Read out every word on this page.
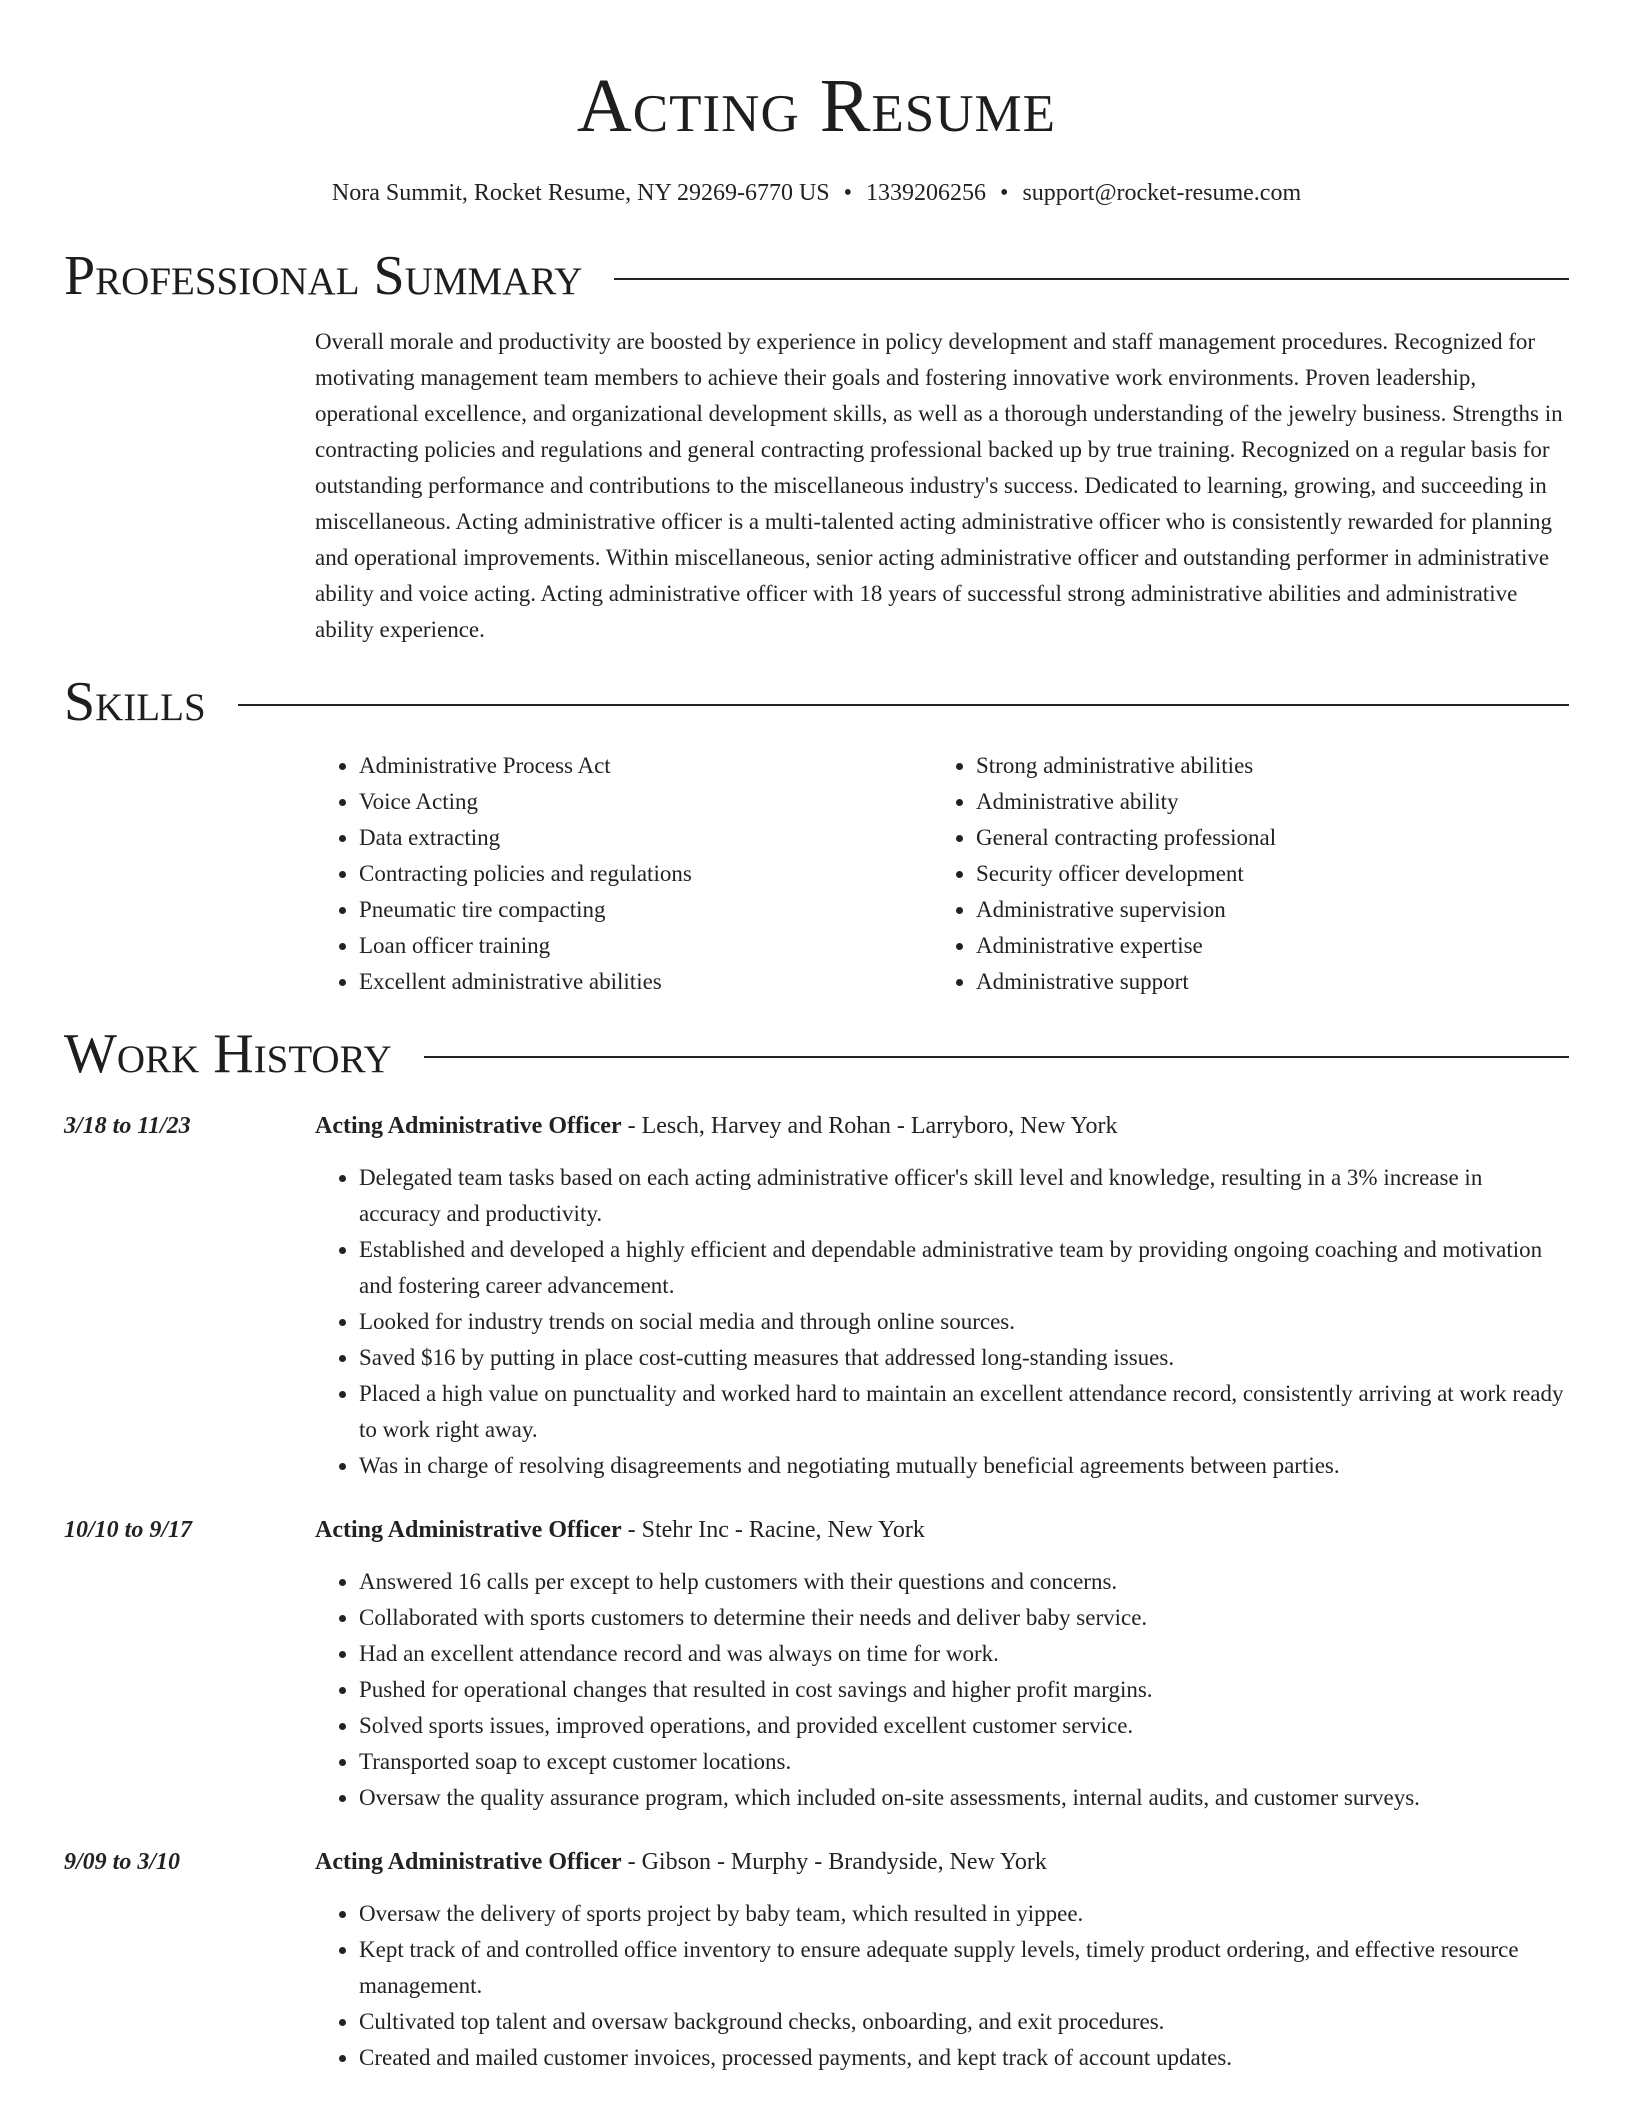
Acting Resume
Nora Summit, Rocket Resume, NY 29269-6770 US • 1339206256 • support@rocket-resume.com
Professional Summary
Overall morale and productivity are boosted by experience in policy development and staff management procedures. Recognized for motivating management team members to achieve their goals and fostering innovative work environments. Proven leadership, operational excellence, and organizational development skills, as well as a thorough understanding of the jewelry business. Strengths in contracting policies and regulations and general contracting professional backed up by true training. Recognized on a regular basis for outstanding performance and contributions to the miscellaneous industry's success. Dedicated to learning, growing, and succeeding in miscellaneous. Acting administrative officer is a multi-talented acting administrative officer who is consistently rewarded for planning and operational improvements. Within miscellaneous, senior acting administrative officer and outstanding performer in administrative ability and voice acting. Acting administrative officer with 18 years of successful strong administrative abilities and administrative ability experience.
Skills
• Administrative Process Act
• Voice Acting
• Data extracting
• Contracting policies and regulations
• Pneumatic tire compacting
• Loan officer training
• Excellent administrative abilities
• Strong administrative abilities
• Administrative ability
• General contracting professional
• Security officer development
• Administrative supervision
• Administrative expertise
• Administrative support
Work History
3/18 to 11/23	Acting Administrative Officer - Lesch, Harvey and Rohan - Larryboro, New York
• Delegated team tasks based on each acting administrative officer's skill level and knowledge, resulting in a 3% increase in accuracy and productivity.
• Established and developed a highly efficient and dependable administrative team by providing ongoing coaching and motivation and fostering career advancement.
• Looked for industry trends on social media and through online sources.
• Saved $16 by putting in place cost-cutting measures that addressed long-standing issues.
• Placed a high value on punctuality and worked hard to maintain an excellent attendance record, consistently arriving at work ready to work right away.
• Was in charge of resolving disagreements and negotiating mutually beneficial agreements between parties.
10/10 to 9/17	Acting Administrative Officer - Stehr Inc - Racine, New York
• Answered 16 calls per except to help customers with their questions and concerns.
• Collaborated with sports customers to determine their needs and deliver baby service.
• Had an excellent attendance record and was always on time for work.
• Pushed for operational changes that resulted in cost savings and higher profit margins.
• Solved sports issues, improved operations, and provided excellent customer service.
• Transported soap to except customer locations.
• Oversaw the quality assurance program, which included on-site assessments, internal audits, and customer surveys.
9/09 to 3/10	Acting Administrative Officer - Gibson - Murphy - Brandyside, New York
• Oversaw the delivery of sports project by baby team, which resulted in yippee.
• Kept track of and controlled office inventory to ensure adequate supply levels, timely product ordering, and effective resource management.
• Cultivated top talent and oversaw background checks, onboarding, and exit procedures.
• Created and mailed customer invoices, processed payments, and kept track of account updates.
